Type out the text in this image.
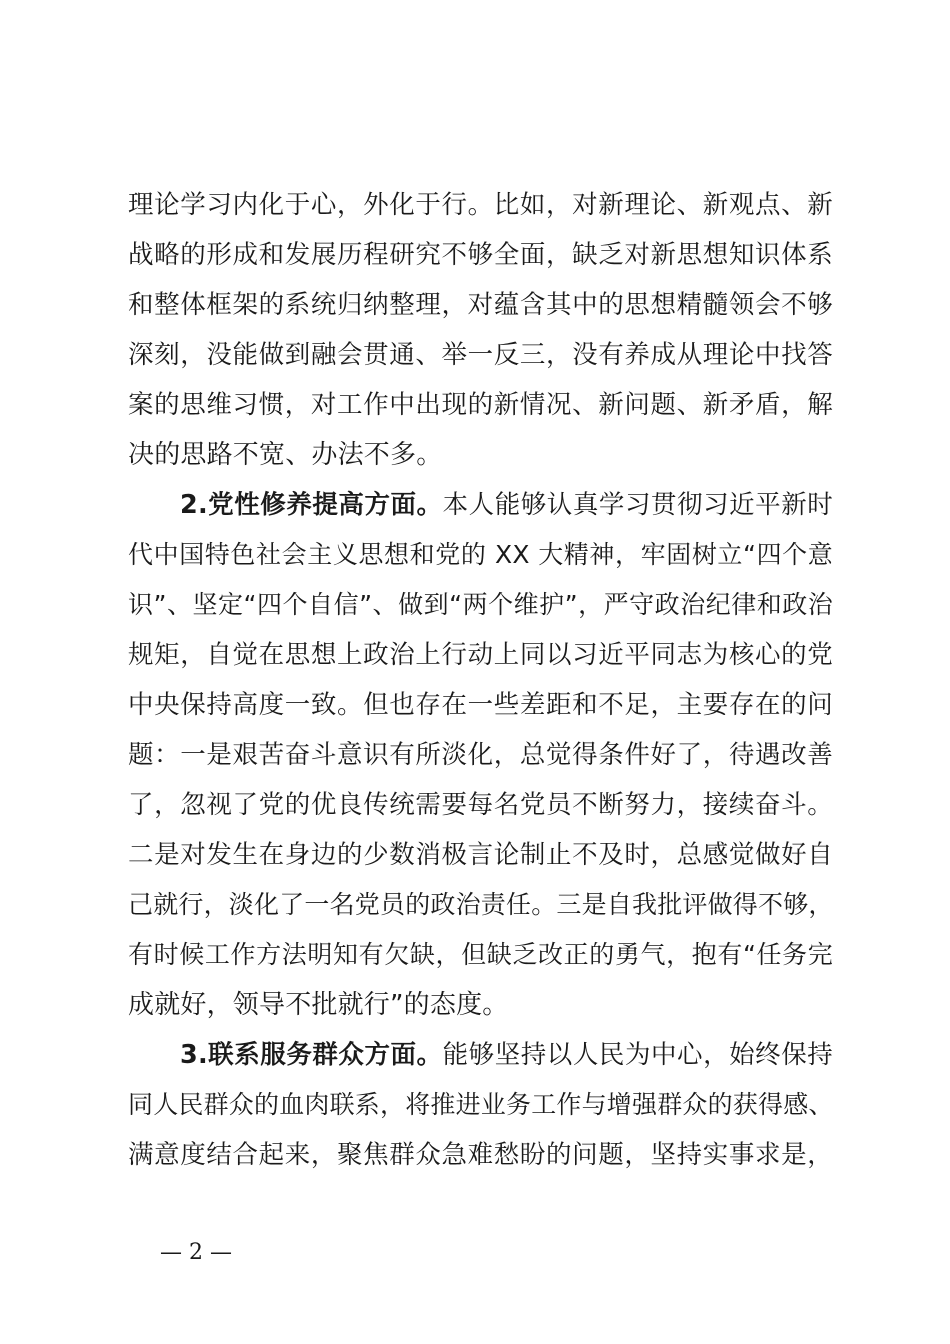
理论学习内化于心，外化于行。比如，对新理论、新观点、新
战略的形成和发展历程研究不够全面，缺乏对新思想知识体系
和整体框架的系统归纳整理，对蕴含其中的思想精髓领会不够
深刻，没能做到融会贯通、举一反三，没有养成从理论中找答
案的思维习惯，对工作中出现的新情况、新问题、新矛盾，解
决的思路不宽、办法不多。
2.党性修养提高方面。本人能够认真学习贯彻习近平新时
代中国特色社会主义思想和党的 XX 大精神，牢固树立“四个意
识”、坚定“四个自信”、做到“两个维护”，严守政治纪律和政治
规矩，自觉在思想上政治上行动上同以习近平同志为核心的党
中央保持高度一致。但也存在一些差距和不足，主要存在的问
题：一是艰苦奋斗意识有所淡化，总觉得条件好了，待遇改善
了，忽视了党的优良传统需要每名党员不断努力，接续奋斗。
二是对发生在身边的少数消极言论制止不及时，总感觉做好自
己就行，淡化了一名党员的政治责任。三是自我批评做得不够，
有时候工作方法明知有欠缺，但缺乏改正的勇气，抱有“任务完
成就好，领导不批就行”的态度。
3.联系服务群众方面。能够坚持以人民为中心，始终保持
同人民群众的血肉联系，将推进业务工作与增强群众的获得感、
满意度结合起来，聚焦群众急难愁盼的问题，坚持实事求是，
— 2 —
